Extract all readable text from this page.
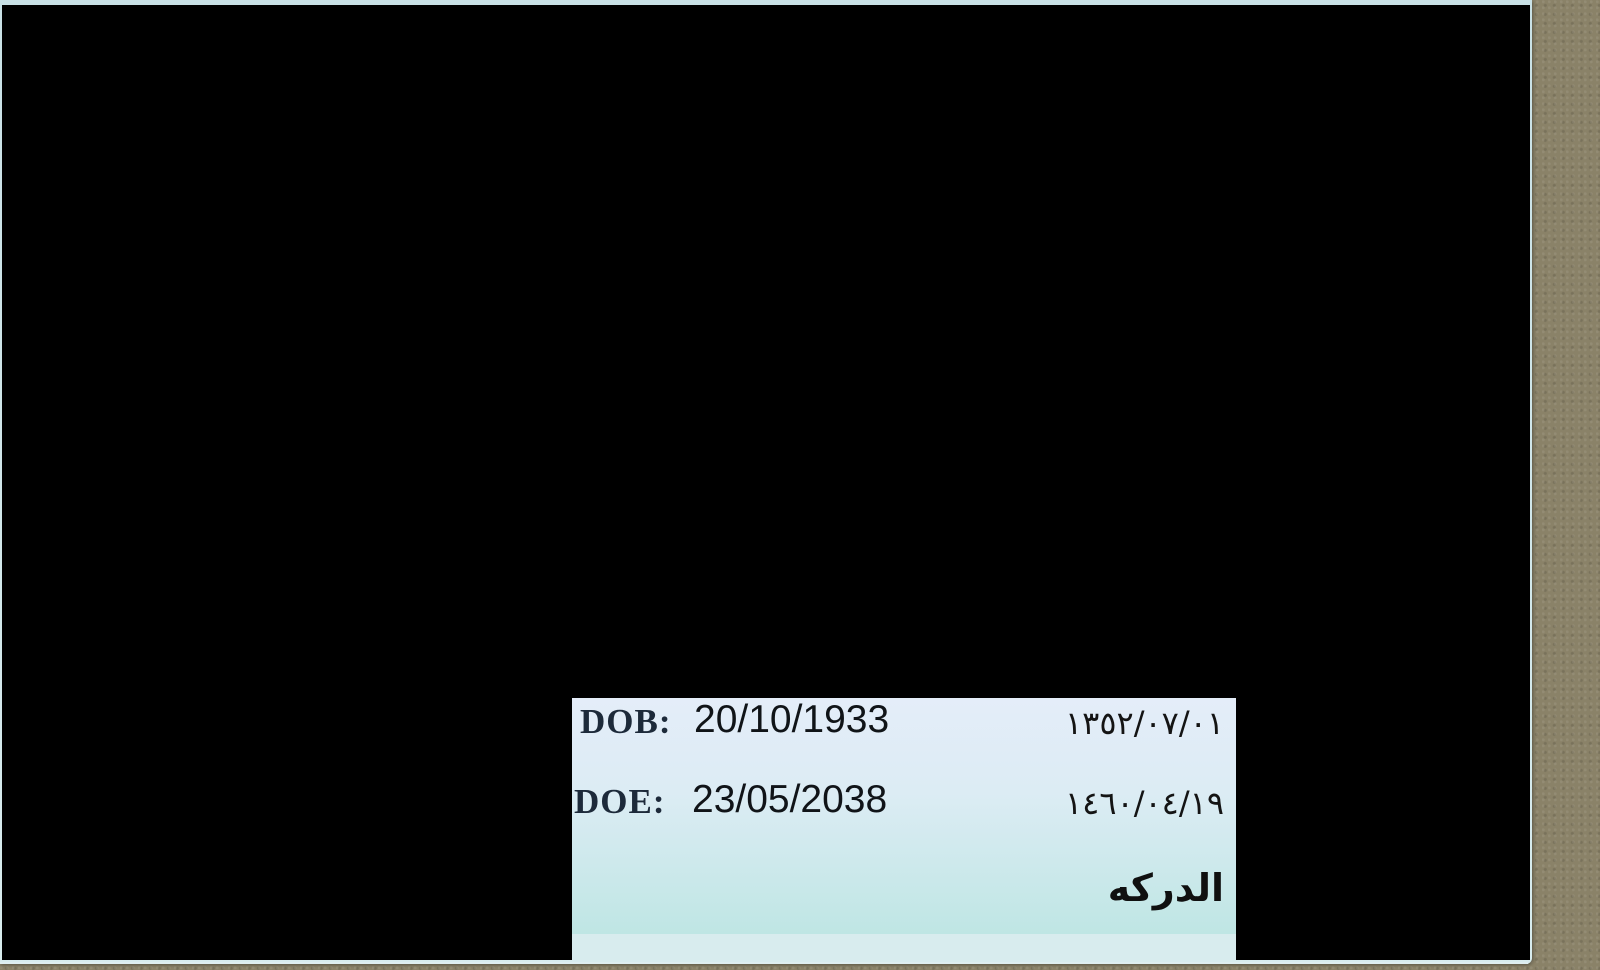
DOB: 20/10/1933	١٣٥٢/٠٧/٠١
DOE: 23/05/2038	١٤٦٠/٠٤/١٩
الدركه
